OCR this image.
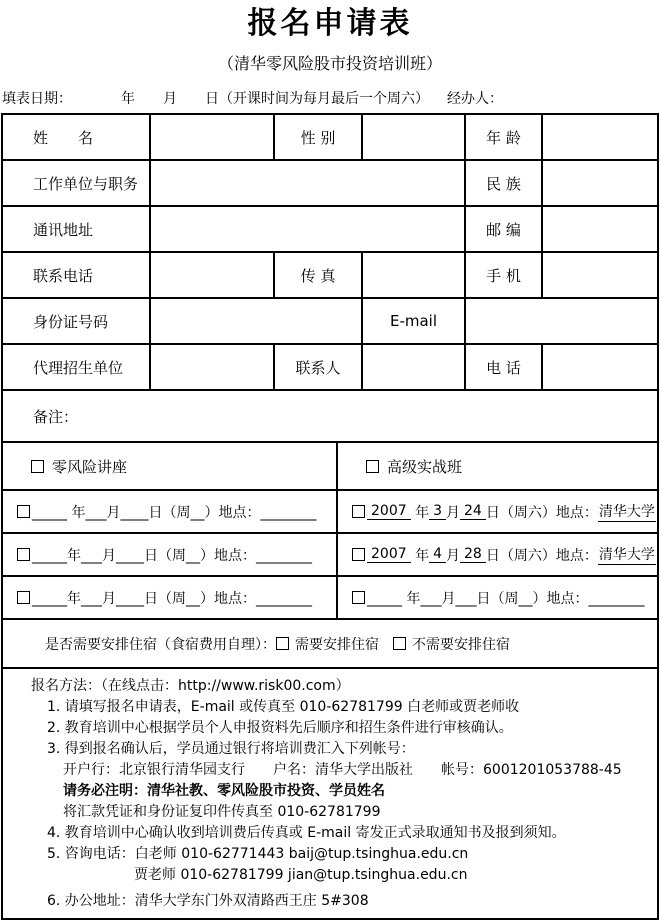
报名申请表
（清华零风险股市投资培训班）
填表日期：　　　　年　　月　　日（开课时间为每月最后一个周六） 经办人：
姓　　名	性 别	年 龄
工作单位与职务	民 族
通讯地址	邮 编
联系电话	传 真	手 机
身份证号码	E-mail
代理招生单位	联系人	电 话
备注：
零风险讲座	高级实战班
_____ 年___月____日（周__）地点：________	2007 年 3 月 24 日（周六）地点： 清华大学
_____年___月____日（周__）地点：________	2007 年 4 月 28 日（周六）地点： 清华大学
_____年___月____日（周__）地点：________	_____ 年___月___日（周__）地点：________
是否需要安排住宿（食宿费用自理）： 需要安排住宿 不需要安排住宿
报名方法：（在线点击：http://www.risk00.com）
1. 请填写报名申请表，E-mail 或传真至 010-62781799 白老师或贾老师收
2. 教育培训中心根据学员个人申报资料先后顺序和招生条件进行审核确认。
3. 得到报名确认后，学员通过银行将培训费汇入下列帐号：
开户行：北京银行清华园支行　　户名：清华大学出版社　　帐号：6001201053788-45
请务必注明：清华社教、零风险股市投资、学员姓名
将汇款凭证和身份证复印件传真至 010-62781799
4. 教育培训中心确认收到培训费后传真或 E-mail 寄发正式录取通知书及报到须知。
5. 咨询电话：白老师 010-62771443 baij@tup.tsinghua.edu.cn
贾老师 010-62781799 jian@tup.tsinghua.edu.cn
6. 办公地址：清华大学东门外双清路西王庄 5#308
